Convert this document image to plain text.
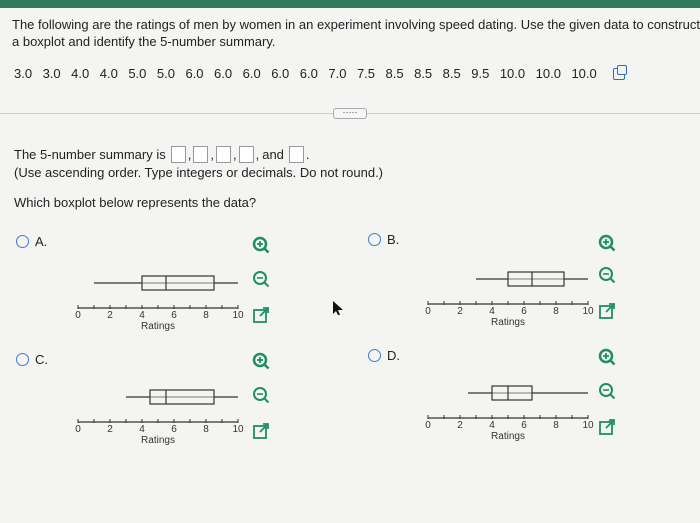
The following are the ratings of men by women in an experiment involving speed dating. Use the given data to construct
a boxplot and identify the 5-number summary.
3.0 3.0 4.0 4.0 5.0 5.0 6.0 6.0 6.0 6.0 6.0 7.0 7.5 8.5 8.5 8.5 9.5 10.0 10.0 10.0
·····
The 5-number summary is ,
,
,
, and .
(Use ascending order. Type integers or decimals. Do not round.)
Which boxplot below represents the data?
A.	B.
C.	D.
0	2	4	6	8 10
Ratings
0	2	4	6	8 10
Ratings
0	2	4	6	8 10
Ratings
0	2	4	6	8 10
Ratings
